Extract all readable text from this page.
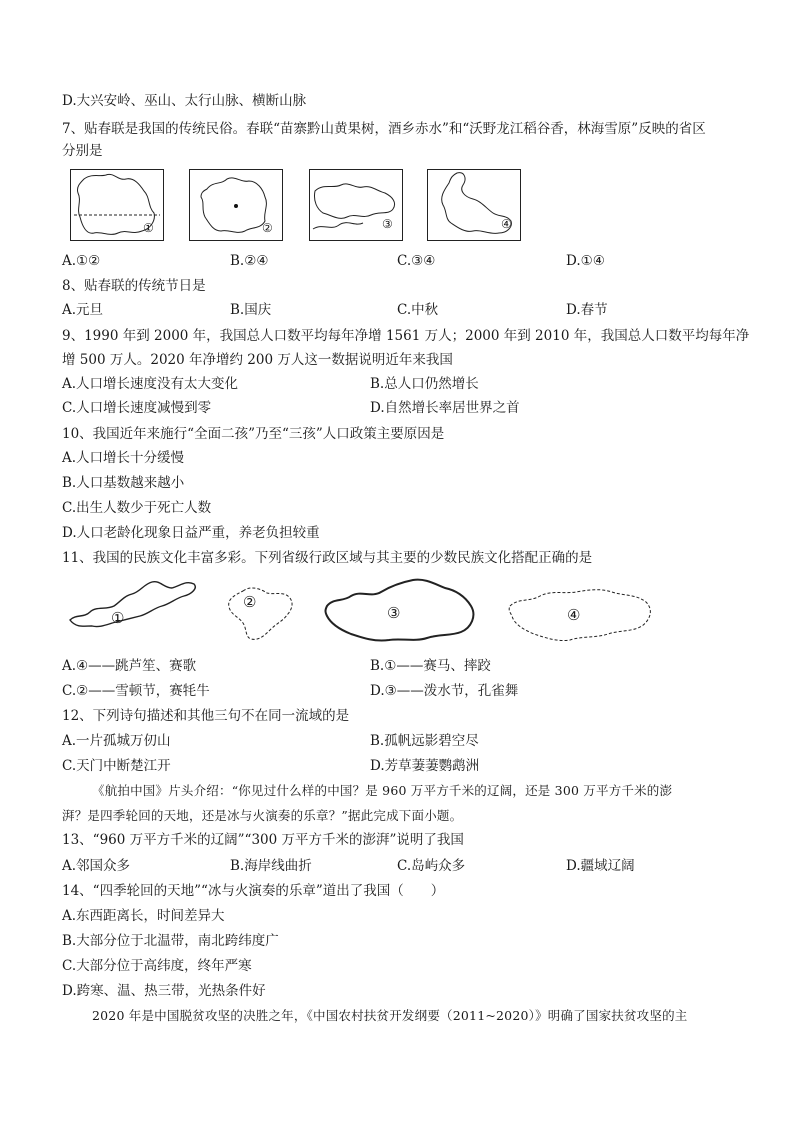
D.大兴安岭、巫山、太行山脉、横断山脉
7、贴春联是我国的传统民俗。春联“苗寨黔山黄果树，酒乡赤水”和“沃野龙江稻谷香，林海雪原”反映的省区
分别是
①	②	③	④
A.①②	B.②④	C.③④	D.①④
8、贴春联的传统节日是
A.元旦	B.国庆	C.中秋	D.春节
9、1990 年到 2000 年，我国总人口数平均每年净增 1561 万人；2000 年到 2010 年，我国总人口数平均每年净
增 500 万人。2020 年净增约 200 万人这一数据说明近年来我国
A.人口增长速度没有太大变化	B.总人口仍然增长
C.人口增长速度减慢到零	D.自然增长率居世界之首
10、我国近年来施行“全面二孩”乃至“三孩”人口政策主要原因是
A.人口增长十分缓慢
B.人口基数越来越小
C.出生人数少于死亡人数
D.人口老龄化现象日益严重，养老负担较重
11、我国的民族文化丰富多彩。下列省级行政区域与其主要的少数民族文化搭配正确的是
①
②
③	④
A.④——跳芦笙、赛歌	B.①——赛马、摔跤
C.②——雪顿节，赛牦牛	D.③——泼水节，孔雀舞
12、下列诗句描述和其他三句不在同一流域的是
A.一片孤城万仞山	B.孤帆远影碧空尽
C.天门中断楚江开	D.芳草萋萋鹦鹉洲
《航拍中国》片头介绍：“你见过什么样的中国？是 960 万平方千米的辽阔，还是 300 万平方千米的澎
湃？是四季轮回的天地，还是冰与火演奏的乐章？”据此完成下面小题。
13、“960 万平方千米的辽阔”“300 万平方千米的澎湃”说明了我国
A.邻国众多	B.海岸线曲折	C.岛屿众多	D.疆域辽阔
14、“四季轮回的天地”“冰与火演奏的乐章”道出了我国（　　）
A.东西距离长，时间差异大
B.大部分位于北温带，南北跨纬度广
C.大部分位于高纬度，终年严寒
D.跨寒、温、热三带，光热条件好
2020 年是中国脱贫攻坚的决胜之年，《中国农村扶贫开发纲要（2011~2020）》明确了国家扶贫攻坚的主
